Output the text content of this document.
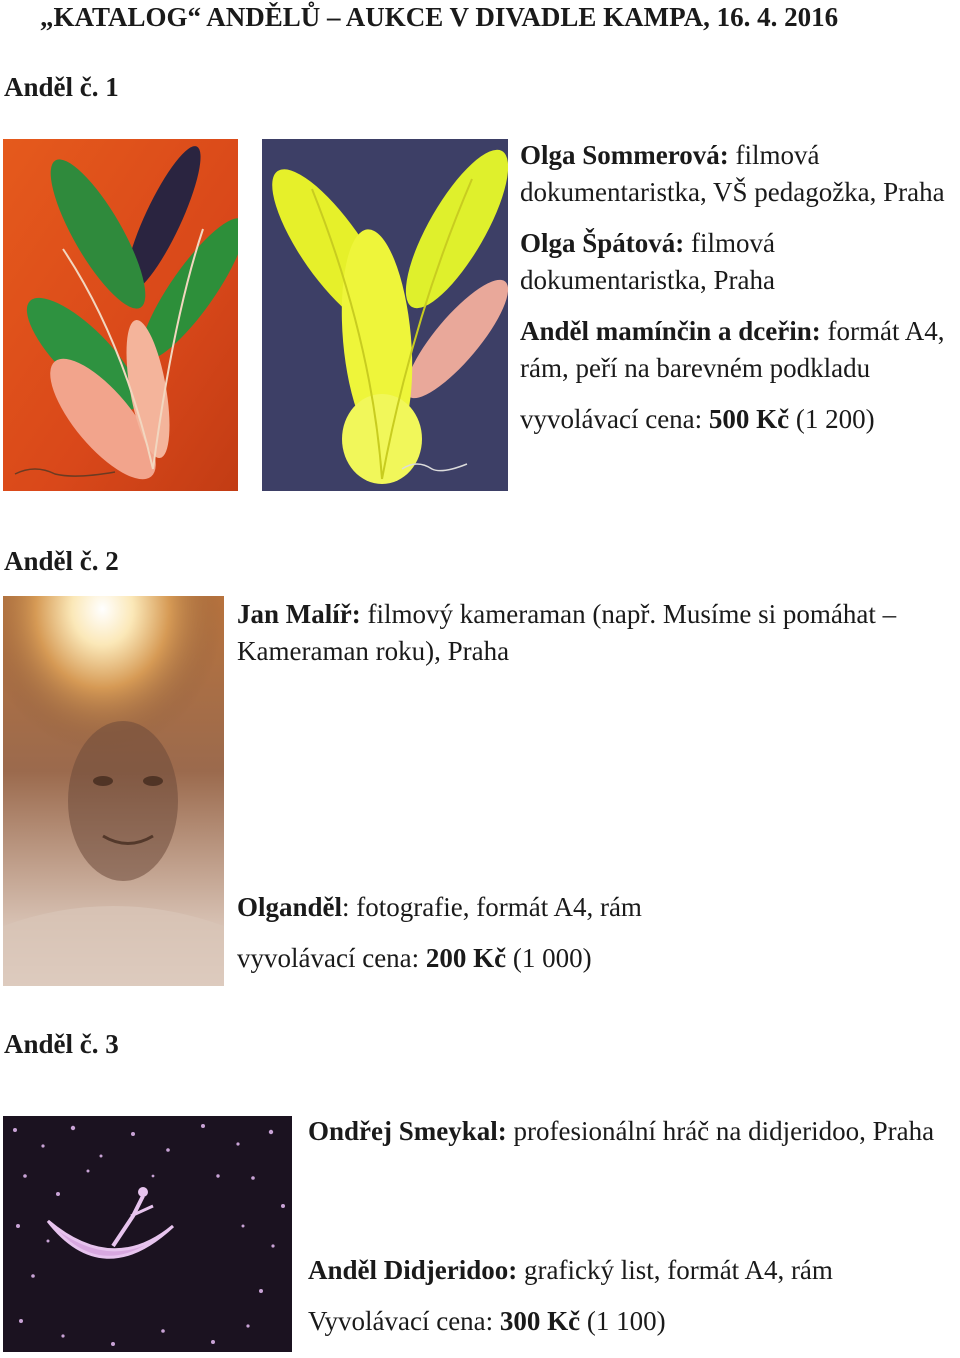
„KATALOG“ ANDĚLŮ – AUKCE V DIVADLE KAMPA, 16. 4. 2016
Anděl č. 1

Olga Sommerová: filmová dokumentaristka, VŠ pedagožka, Praha

Olga Špátová: filmová dokumentaristka, Praha

Anděl mamínčin a dceřin: formát A4, rám, peří na barevném podkladu

vyvolávací cena: 500 Kč (1 200)

Anděl č. 2

Jan Malíř: filmový kameraman (např. Musíme si pomáhat – Kameraman roku), Praha

Olganděl: fotografie, formát A4, rám

vyvolávací cena: 200 Kč (1 000)

Anděl č. 3

Ondřej Smeykal: profesionální hráč na didjeridoo, Praha

Anděl Didjeridoo: grafický list, formát A4, rám

Vyvolávací cena: 300 Kč (1 100)
